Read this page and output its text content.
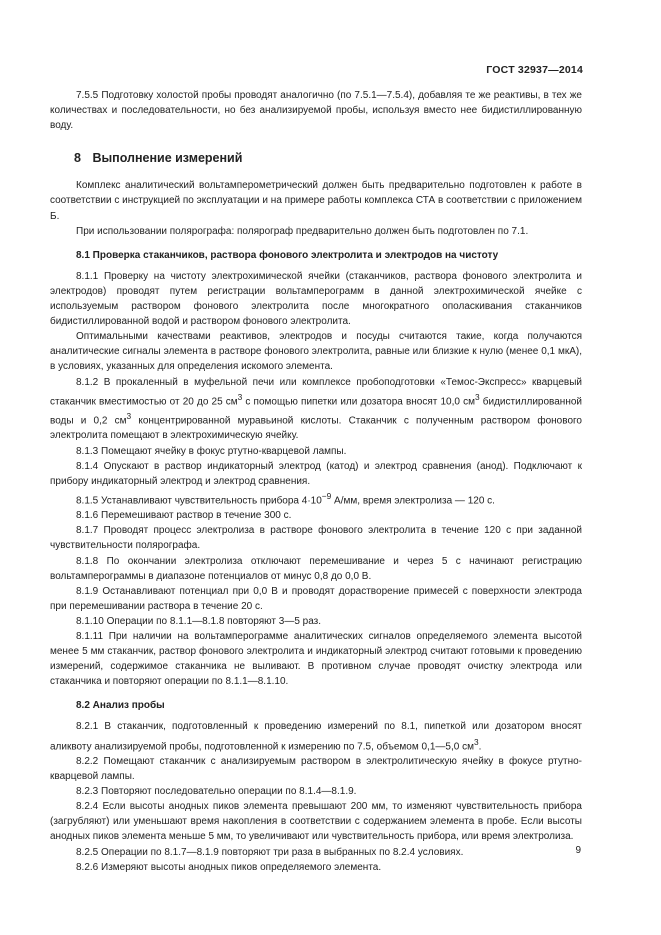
ГОСТ 32937—2014

7.5.5 Подготовку холостой пробы проводят аналогично (по 7.5.1—7.5.4), добавляя те же реактивы, в тех же количествах и последовательности, но без анализируемой пробы, используя вместо нее бидистиллированную воду.

8 Выполнение измерений

Комплекс аналитический вольтамперометрический должен быть предварительно подготовлен к работе в соответствии с инструкцией по эксплуатации и на примере работы комплекса СТА в соответствии с приложением Б.

При использовании полярографа: полярограф предварительно должен быть подготовлен по 7.1.

8.1 Проверка стаканчиков, раствора фонового электролита и электродов на чистоту

8.1.1 Проверку на чистоту электрохимической ячейки (стаканчиков, раствора фонового электролита и электродов) проводят путем регистрации вольтамперограмм в данной электрохимической ячейке с используемым раствором фонового электролита после многократного ополаскивания стаканчиков бидистиллированной водой и раствором фонового электролита.

Оптимальными качествами реактивов, электродов и посуды считаются такие, когда получаются аналитические сигналы элемента в растворе фонового электролита, равные или близкие к нулю (менее 0,1 мкА), в условиях, указанных для определения искомого элемента.

8.1.2 В прокаленный в муфельной печи или комплексе пробоподготовки «Темос-Экспресс» кварцевый стаканчик вместимостью от 20 до 25 $см^3$ с помощью пипетки или дозатора вносят 10,0 $см^3$ бидистиллированной воды и 0,2 $см^3$ концентрированной муравьиной кислоты. Стаканчик с полученным раствором фонового электролита помещают в электрохимическую ячейку.

8.1.3 Помещают ячейку в фокус ртутно-кварцевой лампы.

8.1.4 Опускают в раствор индикаторный электрод (катод) и электрод сравнения (анод). Подключают к прибору индикаторный электрод и электрод сравнения.

8.1.5 Устанавливают чувствительность прибора $4\cdot 10^{-9}$ А/мм, время электролиза — 120 с.

8.1.6 Перемешивают раствор в течение 300 с.

8.1.7 Проводят процесс электролиза в растворе фонового электролита в течение 120 с при заданной чувствительности полярографа.

8.1.8 По окончании электролиза отключают перемешивание и через 5 с начинают регистрацию вольтамперограммы в диапазоне потенциалов от минус 0,8 до 0,0 В.

8.1.9 Останавливают потенциал при 0,0 В и проводят дорастворение примесей с поверхности электрода при перемешивании раствора в течение 20 с.

8.1.10 Операции по 8.1.1—8.1.8 повторяют 3—5 раз.

8.1.11 При наличии на вольтамперограмме аналитических сигналов определяемого элемента высотой менее 5 мм стаканчик, раствор фонового электролита и индикаторный электрод считают готовыми к проведению измерений, содержимое стаканчика не выливают. В противном случае проводят очистку электрода или стаканчика и повторяют операции по 8.1.1—8.1.10.

8.2 Анализ пробы

8.2.1 В стаканчик, подготовленный к проведению измерений по 8.1, пипеткой или дозатором вносят аликвоту анализируемой пробы, подготовленной к измерению по 7.5, объемом 0,1—5,0 $см^3$.

8.2.2 Помещают стаканчик с анализируемым раствором в электролитическую ячейку в фокусе ртутно-кварцевой лампы.

8.2.3 Повторяют последовательно операции по 8.1.4—8.1.9.

8.2.4 Если высоты анодных пиков элемента превышают 200 мм, то изменяют чувствительность прибора (загрубляют) или уменьшают время накопления в соответствии с содержанием элемента в пробе. Если высоты анодных пиков элемента меньше 5 мм, то увеличивают или чувствительность прибора, или время электролиза.

8.2.5 Операции по 8.1.7—8.1.9 повторяют три раза в выбранных по 8.2.4 условиях.

8.2.6 Измеряют высоты анодных пиков определяемого элемента.

9
